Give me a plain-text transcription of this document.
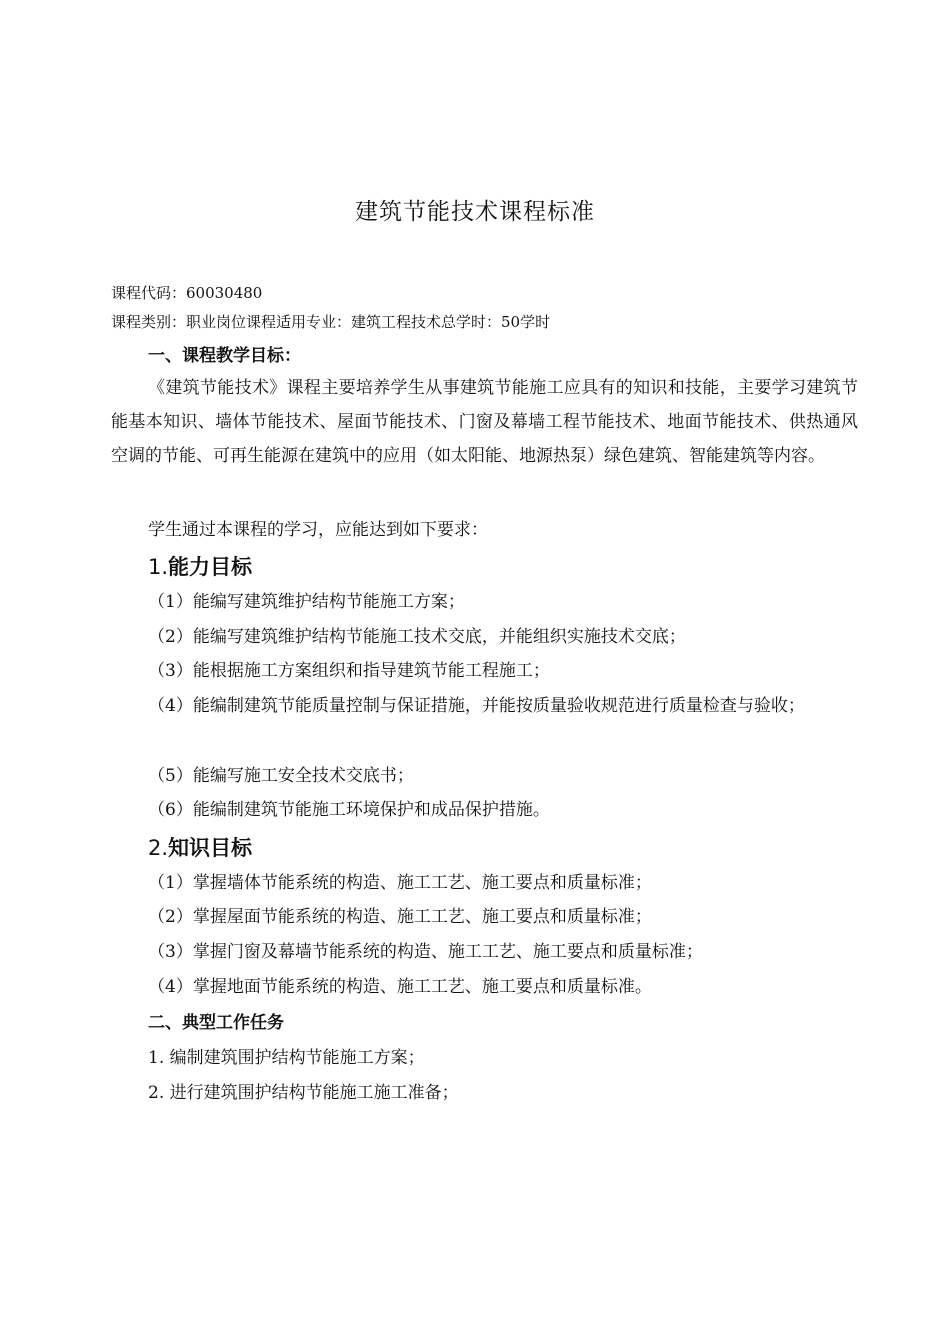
建筑节能技术课程标准
课程代码：60030480
课程类别：职业岗位课程适用专业：建筑工程技术总学时：50学时
一、课程教学目标：
《建筑节能技术》课程主要培养学生从事建筑节能施工应具有的知识和技能，主要学习建筑节能基本知识、墙体节能技术、屋面节能技术、门窗及幕墙工程节能技术、地面节能技术、供热通风空调的节能、可再生能源在建筑中的应用（如太阳能、地源热泵）绿色建筑、智能建筑等内容。
学生通过本课程的学习，应能达到如下要求：
1.能力目标
（1）能编写建筑维护结构节能施工方案；
（2）能编写建筑维护结构节能施工技术交底，并能组织实施技术交底；
（3）能根据施工方案组织和指导建筑节能工程施工；
（4）能编制建筑节能质量控制与保证措施，并能按质量验收规范进行质量检查与验收；
（5）能编写施工安全技术交底书；
（6）能编制建筑节能施工环境保护和成品保护措施。
2.知识目标
（1）掌握墙体节能系统的构造、施工工艺、施工要点和质量标准；
（2）掌握屋面节能系统的构造、施工工艺、施工要点和质量标准；
（3）掌握门窗及幕墙节能系统的构造、施工工艺、施工要点和质量标准；
（4）掌握地面节能系统的构造、施工工艺、施工要点和质量标准。
二、典型工作任务
1. 编制建筑围护结构节能施工方案；
2. 进行建筑围护结构节能施工施工准备；
